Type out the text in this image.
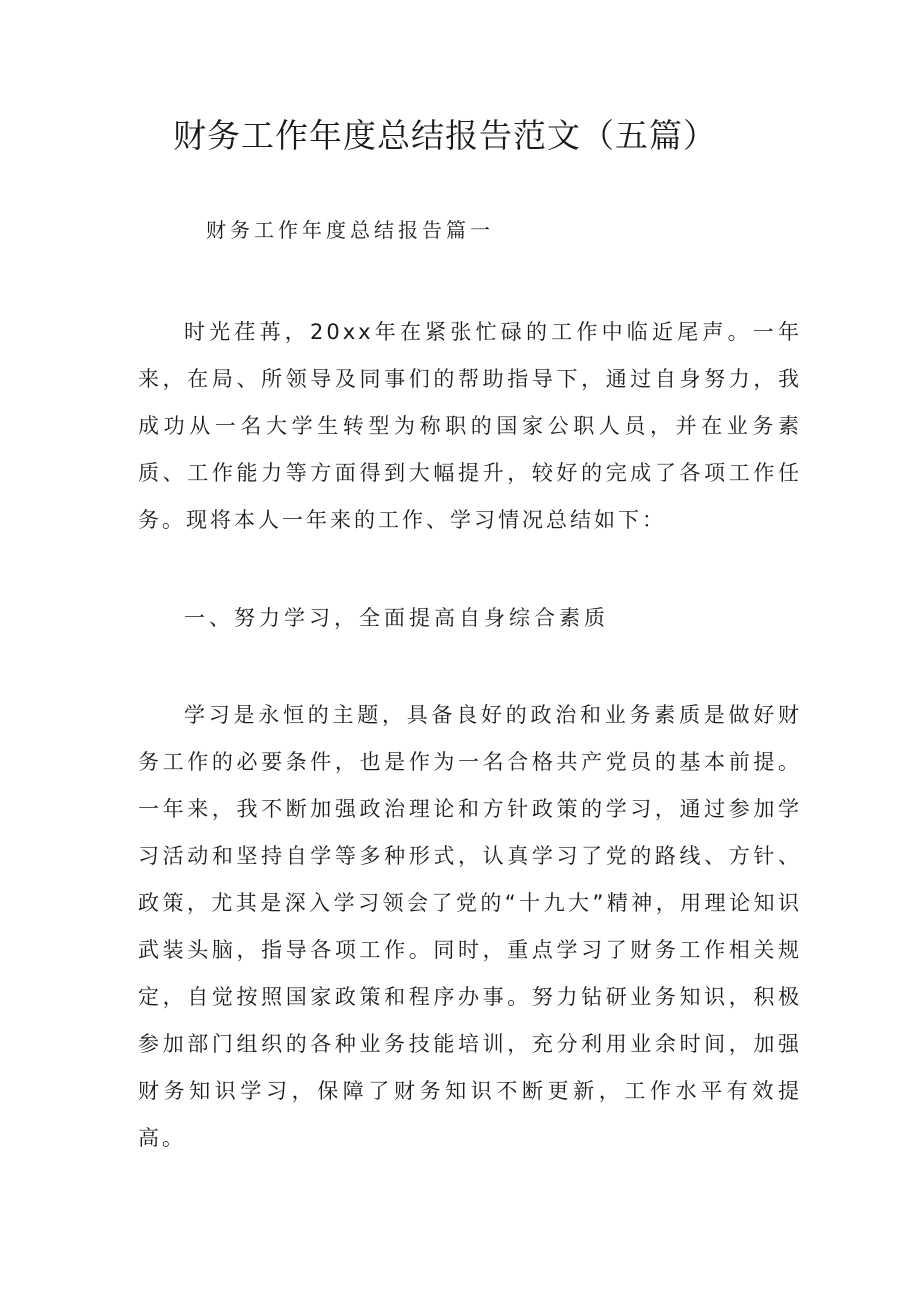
财务工作年度总结报告范文（五篇）
财务工作年度总结报告篇一

时光荏苒，20xx年在紧张忙碌的工作中临近尾声。一年来，在局、所领导及同事们的帮助指导下，通过自身努力，我成功从一名大学生转型为称职的国家公职人员，并在业务素质、工作能力等方面得到大幅提升，较好的完成了各项工作任务。现将本人一年来的工作、学习情况总结如下：

一、努力学习，全面提高自身综合素质

学习是永恒的主题，具备良好的政治和业务素质是做好财务工作的必要条件，也是作为一名合格共产党员的基本前提。一年来，我不断加强政治理论和方针政策的学习，通过参加学习活动和坚持自学等多种形式，认真学习了党的路线、方针、政策，尤其是深入学习领会了党的“十九大”精神，用理论知识武装头脑，指导各项工作。同时，重点学习了财务工作相关规定，自觉按照国家政策和程序办事。努力钻研业务知识，积极参加部门组织的各种业务技能培训，充分利用业余时间，加强财务知识学习，保障了财务知识不断更新，工作水平有效提高。
